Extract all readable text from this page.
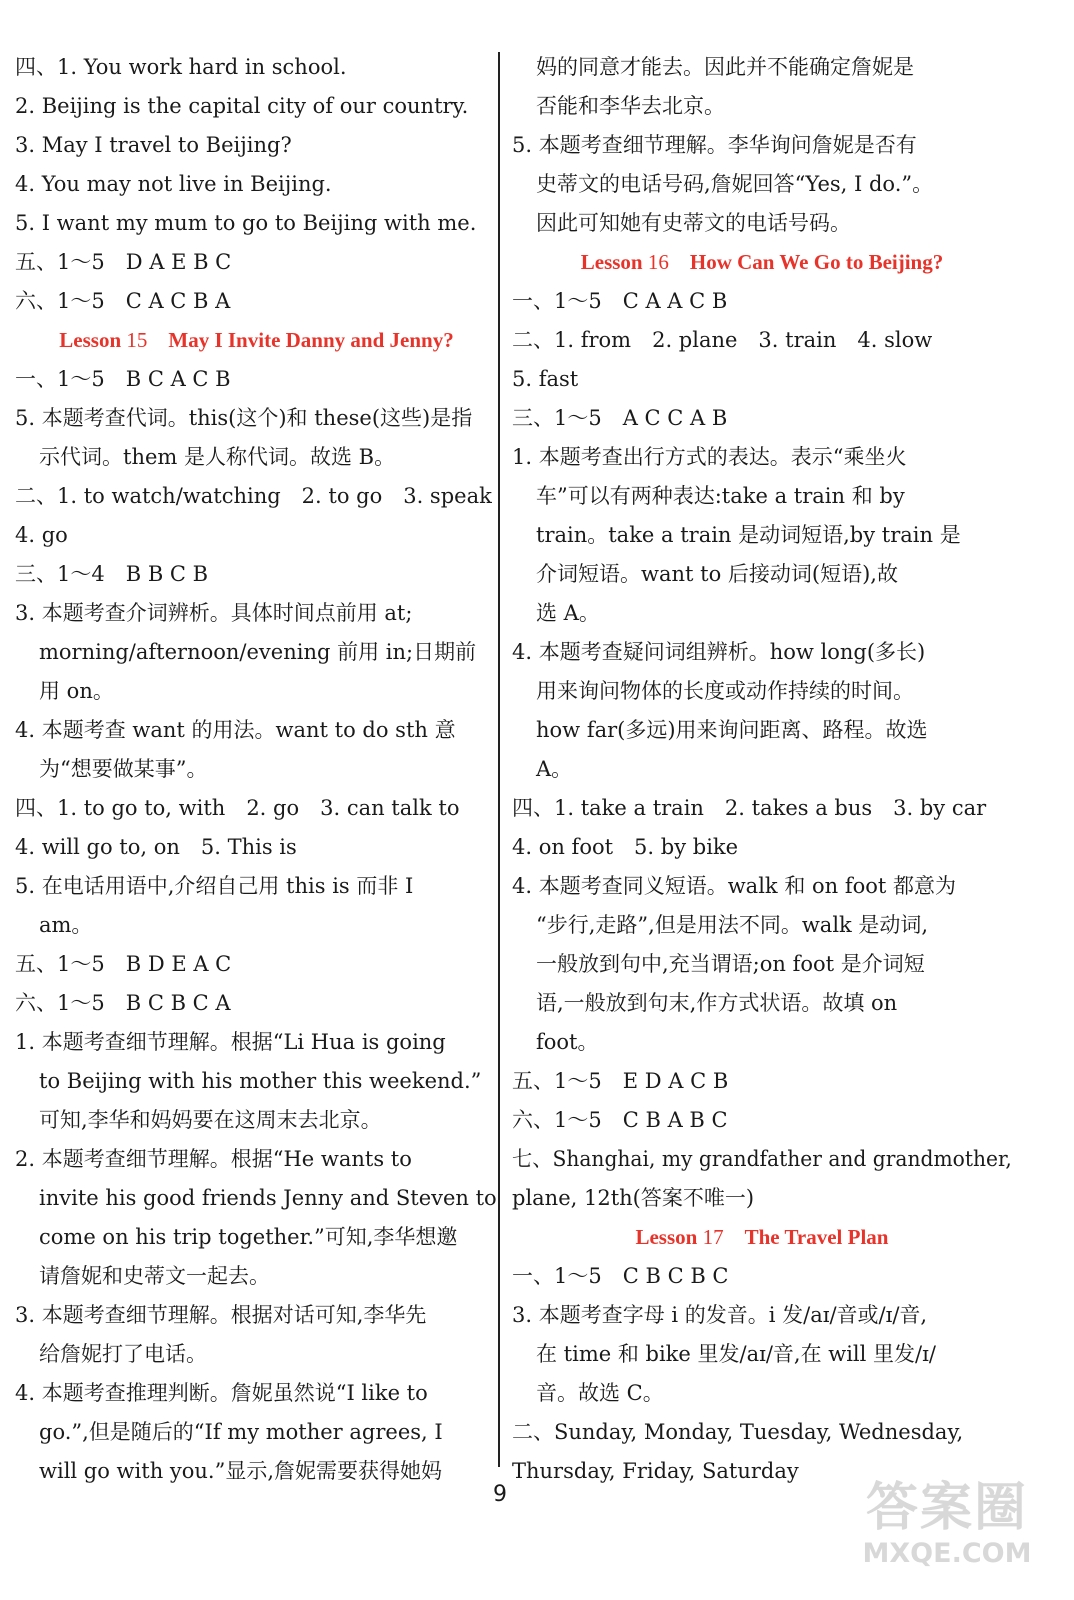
四、1. You work hard in school.
2. Beijing is the capital city of our country.
3. May I travel to Beijing?
4. You may not live in Beijing.
5. I want my mum to go to Beijing with me.
五、1～5　D A E B C
六、1～5　C A C B A
Lesson 15  May I Invite Danny and Jenny?
一、1～5　B C A C B
5. 本题考查代词。this(这个)和 these(这些)是指
示代词。them 是人称代词。故选 B。
二、1. to watch/watching　2. to go　3. speak
4. go
三、1～4　B B C B
3. 本题考查介词辨析。具体时间点前用 at;
morning/afternoon/evening 前用 in;日期前
用 on。
4. 本题考查 want 的用法。want to do sth 意
为“想要做某事”。
四、1. to go to, with　2. go　3. can talk to
4. will go to, on　5. This is
5. 在电话用语中,介绍自己用 this is 而非 I
am。
五、1～5　B D E A C
六、1～5　B C B C A
1. 本题考查细节理解。根据“Li Hua is going
to Beijing with his mother this weekend.”
可知,李华和妈妈要在这周末去北京。
2. 本题考查细节理解。根据“He wants to
invite his good friends Jenny and Steven to
come on his trip together.”可知,李华想邀
请詹妮和史蒂文一起去。
3. 本题考查细节理解。根据对话可知,李华先
给詹妮打了电话。
4. 本题考查推理判断。詹妮虽然说“I like to
go.”,但是随后的“If my mother agrees, I
will go with you.”显示,詹妮需要获得她妈
妈的同意才能去。因此并不能确定詹妮是
否能和李华去北京。
5. 本题考查细节理解。李华询问詹妮是否有
史蒂文的电话号码,詹妮回答“Yes, I do.”。
因此可知她有史蒂文的电话号码。
Lesson 16  How Can We Go to Beijing?
一、1～5　C A A C B
二、1. from　2. plane　3. train　4. slow
5. fast
三、1～5　A C C A B
1. 本题考查出行方式的表达。表示“乘坐火
车”可以有两种表达:take a train 和 by
train。take a train 是动词短语,by train 是
介词短语。want to 后接动词(短语),故
选 A。
4. 本题考查疑问词组辨析。how long(多长)
用来询问物体的长度或动作持续的时间。
how far(多远)用来询问距离、路程。故选
A。
四、1. take a train　2. takes a bus　3. by car
4. on foot　5. by bike
4. 本题考查同义短语。walk 和 on foot 都意为
“步行,走路”,但是用法不同。walk 是动词,
一般放到句中,充当谓语;on foot 是介词短
语,一般放到句末,作方式状语。故填 on
foot。
五、1～5　E D A C B
六、1～5　C B A B C
七、Shanghai, my grandfather and grandmother,
plane, 12th(答案不唯一)
Lesson 17  The Travel Plan
一、1～5　C B C B C
3. 本题考查字母 i 的发音。i 发/aɪ/音或/ɪ/音,
在 time 和 bike 里发/aɪ/音,在 will 里发/ɪ/
音。故选 C。
二、Sunday, Monday, Tuesday, Wednesday,
Thursday, Friday, Saturday
9	答案圈
MXQE.COM
